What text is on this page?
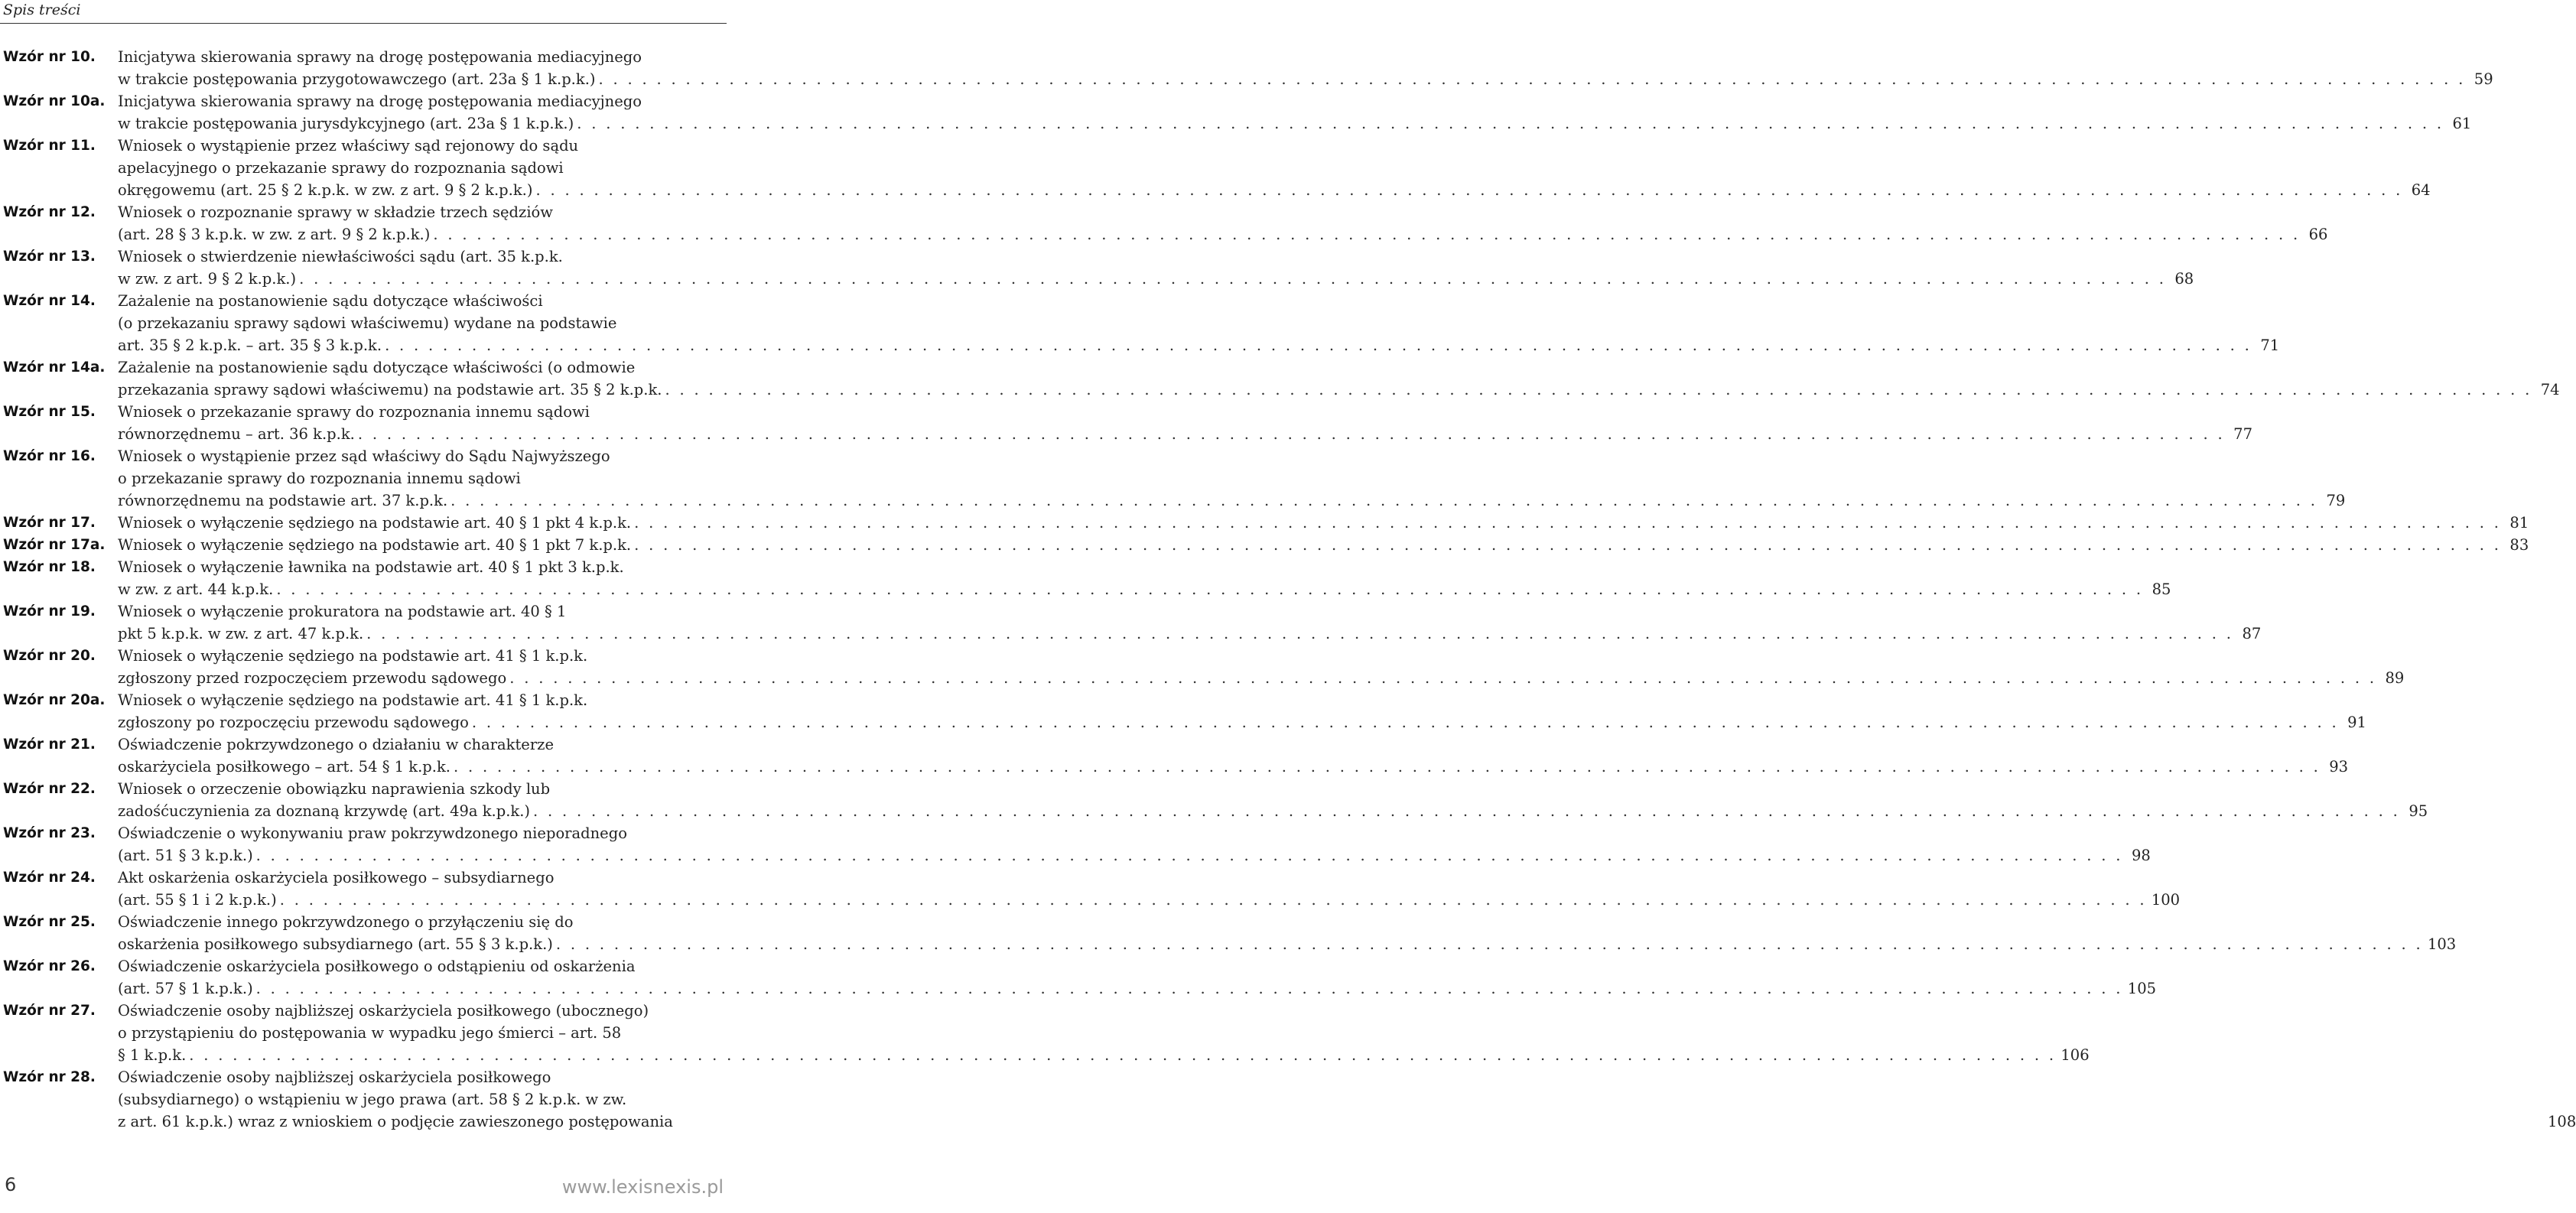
Spis treści
Wzór nr 10.	Inicjatywa skierowania sprawy na drogę postępowania mediacyjnego
w trakcie postępowania przygotowawczego (art. 23a § 1 k.p.k.) . . .	59
Wzór nr 10a. Inicjatywa skierowania sprawy na drogę postępowania mediacyjnego
w trakcie postępowania jurysdykcyjnego (art. 23a § 1 k.p.k.) . . .	61
Wzór nr 11.	Wniosek o wystąpienie przez właściwy sąd rejonowy do sądu
apelacyjnego o przekazanie sprawy do rozpoznania sądowi
okręgowemu (art. 25 § 2 k.p.k. w zw. z art. 9 § 2 k.p.k.) . . .	64
Wzór nr 12.	Wniosek o rozpoznanie sprawy w składzie trzech sędziów
(art. 28 § 3 k.p.k. w zw. z art. 9 § 2 k.p.k.) . . .	66
Wzór nr 13.	Wniosek o stwierdzenie niewłaściwości sądu (art. 35 k.p.k.
w zw. z art. 9 § 2 k.p.k.) . . .	68
Wzór nr 14.	Zażalenie na postanowienie sądu dotyczące właściwości
(o przekazaniu sprawy sądowi właściwemu) wydane na podstawie
art. 35 § 2 k.p.k. – art. 35 § 3 k.p.k. . . .	71
Wzór nr 14a. Zażalenie na postanowienie sądu dotyczące właściwości (o odmowie
przekazania sprawy sądowi właściwemu) na podstawie art. 35 § 2 k.p.k. . . .	74
Wzór nr 15.	Wniosek o przekazanie sprawy do rozpoznania innemu sądowi
równorzędnemu – art. 36 k.p.k. . . .	77
Wzór nr 16.	Wniosek o wystąpienie przez sąd właściwy do Sądu Najwyższego
o przekazanie sprawy do rozpoznania innemu sądowi
równorzędnemu na podstawie art. 37 k.p.k. . . .	79
Wzór nr 17.	Wniosek o wyłączenie sędziego na podstawie art. 40 § 1 pkt 4 k.p.k. . . .	81
Wzór nr 17a. Wniosek o wyłączenie sędziego na podstawie art. 40 § 1 pkt 7 k.p.k. . . .	83
Wzór nr 18.	Wniosek o wyłączenie ławnika na podstawie art. 40 § 1 pkt 3 k.p.k.
w zw. z art. 44 k.p.k. . . .	85
Wzór nr 19.	Wniosek o wyłączenie prokuratora na podstawie art. 40 § 1
pkt 5 k.p.k. w zw. z art. 47 k.p.k. . . .	87
Wzór nr 20.	Wniosek o wyłączenie sędziego na podstawie art. 41 § 1 k.p.k.
zgłoszony przed rozpoczęciem przewodu sądowego . . .	89
Wzór nr 20a. Wniosek o wyłączenie sędziego na podstawie art. 41 § 1 k.p.k.
zgłoszony po rozpoczęciu przewodu sądowego . . .	91
Wzór nr 21.	Oświadczenie pokrzywdzonego o działaniu w charakterze
oskarżyciela posiłkowego – art. 54 § 1 k.p.k. . . .	93
Wzór nr 22.	Wniosek o orzeczenie obowiązku naprawienia szkody lub
zadośćuczynienia za doznaną krzywdę (art. 49a k.p.k.) . . .	95
Wzór nr 23.	Oświadczenie o wykonywaniu praw pokrzywdzonego nieporadnego
(art. 51 § 3 k.p.k.) . . .	98
Wzór nr 24.	Akt oskarżenia oskarżyciela posiłkowego – subsydiarnego
(art. 55 § 1 i 2 k.p.k.) . . .	100
Wzór nr 25.	Oświadczenie innego pokrzywdzonego o przyłączeniu się do
oskarżenia posiłkowego subsydiarnego (art. 55 § 3 k.p.k.) . . .	103
Wzór nr 26.	Oświadczenie oskarżyciela posiłkowego o odstąpieniu od oskarżenia
(art. 57 § 1 k.p.k.) . . .	105
Wzór nr 27.	Oświadczenie osoby najbliższej oskarżyciela posiłkowego (ubocznego)
o przystąpieniu do postępowania w wypadku jego śmierci – art. 58
§ 1 k.p.k. . . .	106
Wzór nr 28.	Oświadczenie osoby najbliższej oskarżyciela posiłkowego
(subsydiarnego) o wstąpieniu w jego prawa (art. 58 § 2 k.p.k. w zw.
z art. 61 k.p.k.) wraz z wnioskiem o podjęcie zawieszonego postępowania	108
6	www.lexisnexis.pl
